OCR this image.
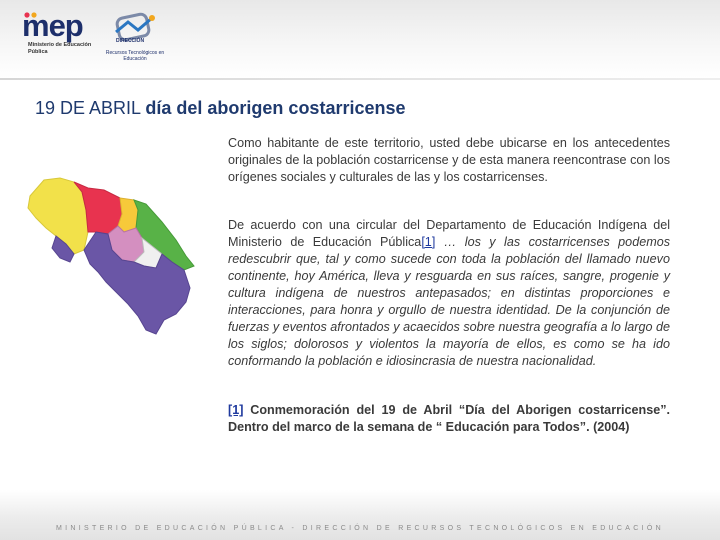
mep
Ministerio de Educación Pública
DIRECCIÓN
Recursos Tecnológicos en Educación
19 DE ABRIL día del aborigen costarricense

Como habitante de este territorio, usted debe ubicarse en los antecedentes originales de la población costarricense y de esta manera reencontrase con los orígenes sociales y culturales de las y los costarricenses.

De acuerdo con una circular del Departamento de Educación Indígena del Ministerio de Educación Pública[1] … los y las costarricenses podemos redescubrir que, tal y como sucede con toda la población del llamado nuevo continente, hoy América, lleva y resguarda en sus raíces, sangre, progenie y cultura indígena de nuestros antepasados; en distintas proporciones e interacciones, para honra y orgullo de nuestra identidad. De la conjunción de fuerzas y eventos afrontados y acaecidos sobre nuestra geografía a lo largo de los siglos; dolorosos y violentos la mayoría de ellos, es como se ha ido conformando la población e idiosincrasia de nuestra nacionalidad.

[1] Conmemoración del 19 de Abril “Día del Aborigen costarricense”. Dentro del marco de la semana de “ Educación para Todos”. (2004)

MINISTERIO DE EDUCACIÓN PÚBLICA - DIRECCIÓN DE RECURSOS TECNOLÓGICOS EN EDUCACIÓN
